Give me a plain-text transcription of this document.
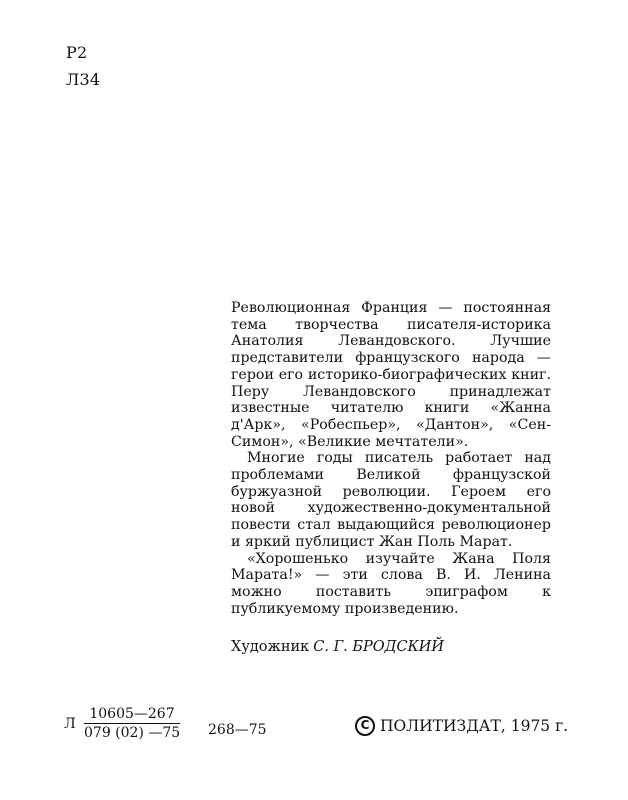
Р2
Л34

Революционная Франция — постоянная тема творчества писателя-историка Анатолия Левандовского. Лучшие представители французского народа — герои его историко-биографических книг. Перу Левандовского принадлежат известные читателю книги «Жанна д'Арк», «Робеспьер», «Дантон», «Сен-Симон», «Великие мечтатели».

Многие годы писатель работает над проблемами Великой французской буржуазной революции. Героем его новой художественно-документальной повести стал выдающийся революционер и яркий публицист Жан Поль Марат.

«Хорошенько изучайте Жана Поля Марата!» — эти слова В. И. Ленина можно поставить эпиграфом к публикуемому произведению.

Художник С. Г. БРОДСКИЙ
Л
10605—267
079 (02) —75 268—75	C ПОЛИТИЗДАТ, 1975 г.
